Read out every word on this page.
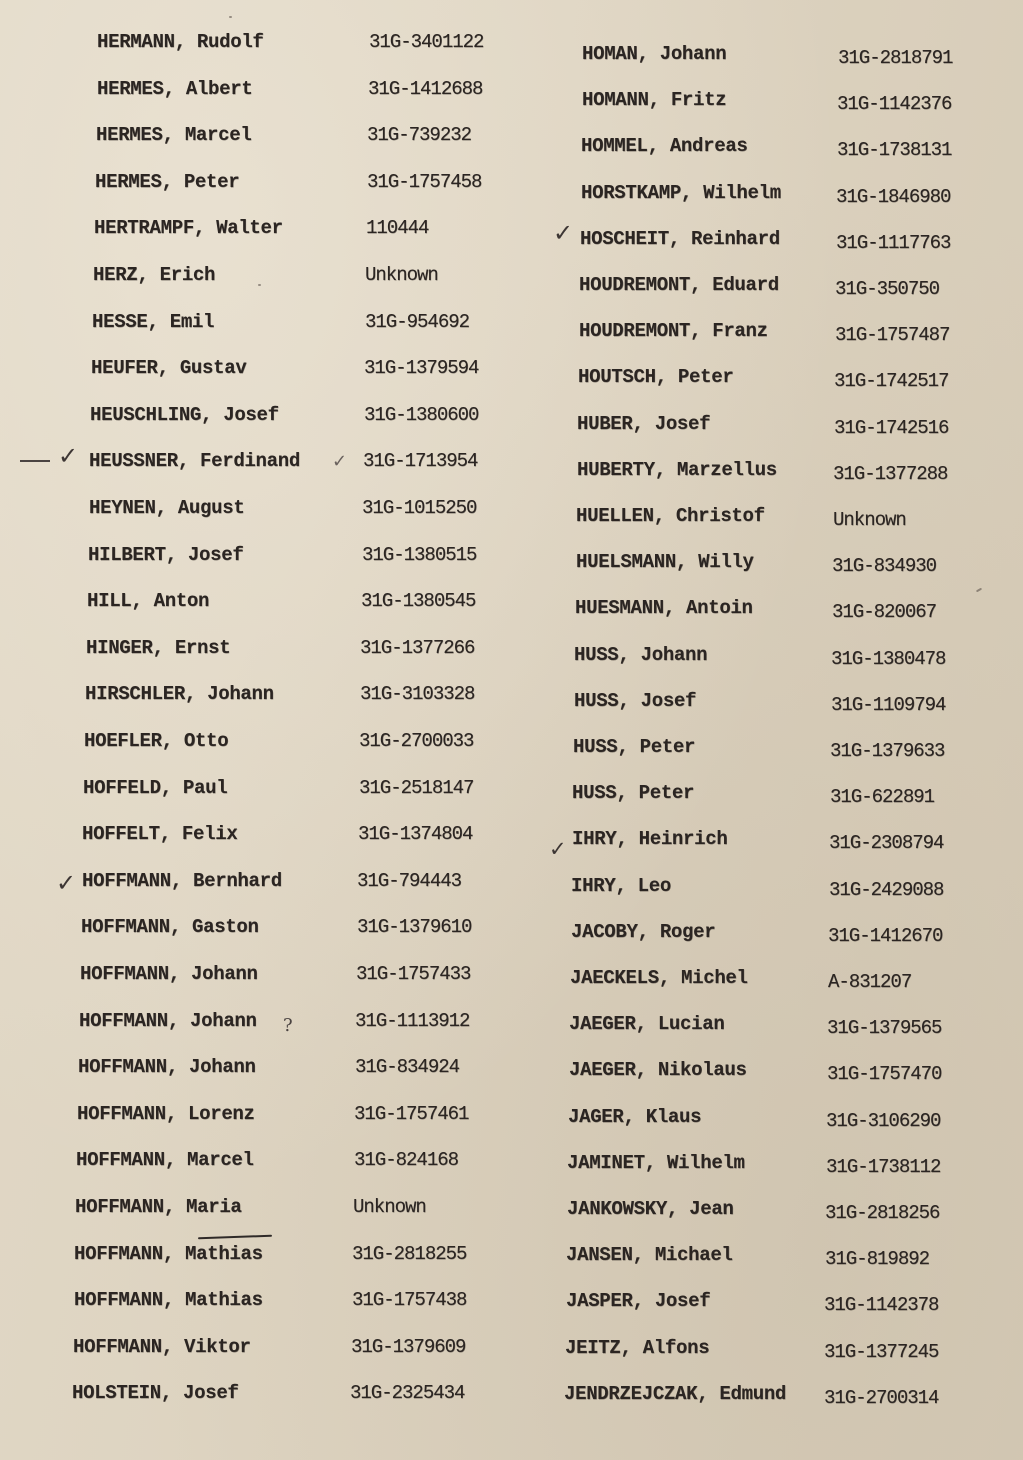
HERMANN, Rudolf	31G-3401122
HERMES, Albert	31G-1412688
HERMES, Marcel	31G-739232
HERMES, Peter	31G-1757458
HERTRAMPF, Walter	110444
HERZ, Erich	Unknown
HESSE, Emil	31G-954692
HEUFER, Gustav	31G-1379594
HEUSCHLING, Josef	31G-1380600
HEUSSNER, Ferdinand	31G-1713954
HEYNEN, August	31G-1015250
HILBERT, Josef	31G-1380515
HILL, Anton	31G-1380545
HINGER, Ernst	31G-1377266
HIRSCHLER, Johann	31G-3103328
HOEFLER, Otto	31G-2700033
HOFFELD, Paul	31G-2518147
HOFFELT, Felix	31G-1374804
HOFFMANN, Bernhard	31G-794443
HOFFMANN, Gaston	31G-1379610
HOFFMANN, Johann	31G-1757433
HOFFMANN, Johann	31G-1113912
HOFFMANN, Johann	31G-834924
HOFFMANN, Lorenz	31G-1757461
HOFFMANN, Marcel	31G-824168
HOFFMANN, Maria	Unknown
HOFFMANN, Mathias	31G-2818255
HOFFMANN, Mathias	31G-1757438
HOFFMANN, Viktor	31G-1379609
HOLSTEIN, Josef	31G-2325434
HOMAN, Johann	31G-2818791
HOMANN, Fritz	31G-1142376
HOMMEL, Andreas	31G-1738131
HORSTKAMP, Wilhelm	31G-1846980
HOSCHEIT, Reinhard	31G-1117763
HOUDREMONT, Eduard	31G-350750
HOUDREMONT, Franz	31G-1757487
HOUTSCH, Peter	31G-1742517
HUBER, Josef	31G-1742516
HUBERTY, Marzellus	31G-1377288
HUELLEN, Christof	Unknown
HUELSMANN, Willy	31G-834930
HUESMANN, Antoin	31G-820067
HUSS, Johann	31G-1380478
HUSS, Josef	31G-1109794
HUSS, Peter	31G-1379633
HUSS, Peter	31G-622891
IHRY, Heinrich	31G-2308794
IHRY, Leo	31G-2429088
JACOBY, Roger	31G-1412670
JAECKELS, Michel	A-831207
JAEGER, Lucian	31G-1379565
JAEGER, Nikolaus	31G-1757470
JAGER, Klaus	31G-3106290
JAMINET, Wilhelm	31G-1738112
JANKOWSKY, Jean	31G-2818256
JANSEN, Michael	31G-819892
JASPER, Josef	31G-1142378
JEITZ, Alfons	31G-1377245
JENDRZEJCZAK, Edmund 31G-2700314
✓	✓
✓
✓
✓
?
